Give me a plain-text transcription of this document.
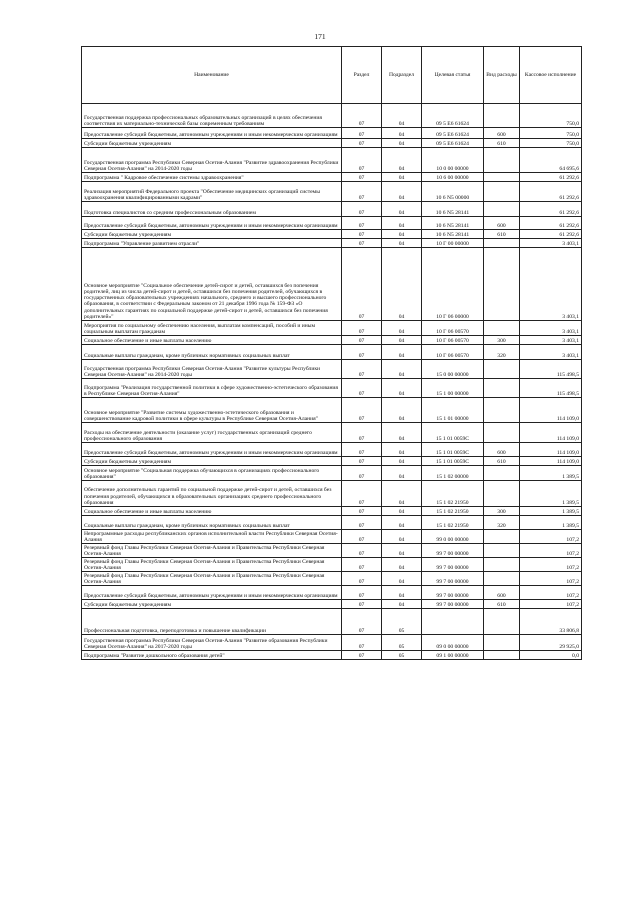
171
Наименование	Раздел	Подраздел	Целевая статья	Вид расходы	Кассовое исполнение
Государственная поддержка профессиональных образовательных организаций в целях обеспечения соответствия их материально-технической базы современным требованиям	07	04	09 5 E6 61624		750,0
Предоставление субсидий бюджетным, автономным учреждениям и иным некоммерческим организациям	07	04	09 5 E6 61624	600	750,0
Субсидии бюджетным учреждениям	07	04	09 5 E6 61624	610	750,0
Государственная программа Республики Северная Осетия-Алания "Развитие здравоохранения Республики Северная Осетия-Алания" на 2014-2020 годы	07	04	10 0 00 00000		64 695,6
Подпрограмма " Кадровое обеспечение системы здравоохранения"	07	04	10 6 00 00000		61 292,6
Реализация мероприятий Федерального проекта "Обеспечение медицинских организаций системы здравоохранения квалифицированными кадрами"	07	04	10 6 N5 00000		61 292,6
Подготовка специалистов со средним профессиональным образованием	07	04	10 6 N5 28141		61 292,6
Предоставление субсидий бюджетным, автономным учреждениям и иным некоммерческим организациям	07	04	10 6 N5 28141	600	61 292,6
Субсидии бюджетным учреждениям	07	04	10 6 N5 28141	610	61 292,6
Подпрограмма "Управление развитием отрасли"	07	04	10 Г 00 00000		3 403,1
Основное мероприятие "Социальное обеспечение детей-сирот и детей, оставшихся без попечения родителей, лиц из числа детей-сирот и детей, оставшихся без попечения родителей, обучающихся в государственных образовательных учреждениях начального, среднего и высшего профессионального образования, в соответствии с Федеральным законом от 21 декабря 1996 года № 159-ФЗ «О дополнительных гарантиях по социальной поддержке детей-сирот и детей, оставшихся без попечения родителей»"	07	04	10 Г 06 00000		3 403,1
Мероприятия по социальному обеспечению населения, выплатам компенсаций, пособий и иным социальным выплатам гражданам	07	04	10 Г 06 00570		3 403,1
Социальное обеспечение и иные выплаты населению	07	04	10 Г 06 00570	300	3 403,1
Социальные выплаты гражданам, кроме публичных нормативных социальных выплат	07	04	10 Г 06 00570	320	3 403,1
Государственная программа Республики Северная Осетия-Алания "Развитие культуры Республики Северная Осетия-Алания" на 2014-2020 годы	07	04	15 0 00 00000		115 498,5
Подпрограмма "Реализация государственной политики в сфере художественно-эстетического образования в Республике Северная Осетия-Алания"	07	04	15 1 00 00000		115 498,5
Основное мероприятие "Развитие системы художественно-эстетического образования и совершенствование кадровой политики в сфере культуры в Республике Северная Осетия-Алания"	07	04	15 1 01 00000		114 109,0
Расходы на обеспечение деятельности (оказание услуг) государственных организаций среднего профессионального образования	07	04	15 1 01 0059С		114 109,0
Предоставление субсидий бюджетным, автономным учреждениям и иным некоммерческим организациям	07	04	15 1 01 0059С	600	114 109,0
Субсидии бюджетным учреждениям	07	04	15 1 01 0059С	610	114 109,0
Основное мероприятие "Социальная поддержка обучающихся в организациях профессионального образования"	07	04	15 1 02 00000		1 389,5
Обеспечение дополнительных гарантий по социальной поддержке детей-сирот и детей, оставшихся без попечения родителей, обучающихся в образовательных организациях среднего профессионального образования	07	04	15 1 02 21950		1 389,5
Социальное обеспечение и иные выплаты населению	07	04	15 1 02 21950	300	1 389,5
Социальные выплаты гражданам, кроме публичных нормативных социальных выплат	07	04	15 1 02 21950	320	1 389,5
Непрограммные расходы республиканских органов исполнительной власти Республики Северная Осетия-Алания	07	04	99 0 00 00000		107,2
Резервный фонд Главы Республики Северная Осетия-Алания и Правительства Республики Северная Осетия-Алания	07	04	99 7 00 00000		107,2
Резервный фонд Главы Республики Северная Осетия-Алания и Правительства Республики Северная Осетия-Алания	07	04	99 7 00 00000		107,2
Резервный фонд Главы Республики Северная Осетия-Алания и Правительства Республики Северная Осетия-Алания	07	04	99 7 00 00000		107,2
Предоставление субсидий бюджетным, автономным учреждениям и иным некоммерческим организациям	07	04	99 7 00 00000	600	107,2
Субсидии бюджетным учреждениям	07	04	99 7 00 00000	610	107,2
Профессиональная подготовка, переподготовка и повышение квалификации	07	05			33 806,8
Государственная программа Республики Северная Осетия-Алания "Развитие образования Республики Северная Осетия-Алания" на 2017-2020 годы	07	05	09 0 00 00000		29 925,0
Подпрограмма "Развитие дошкольного образования детей"	07	05	09 1 00 00000		0,0
